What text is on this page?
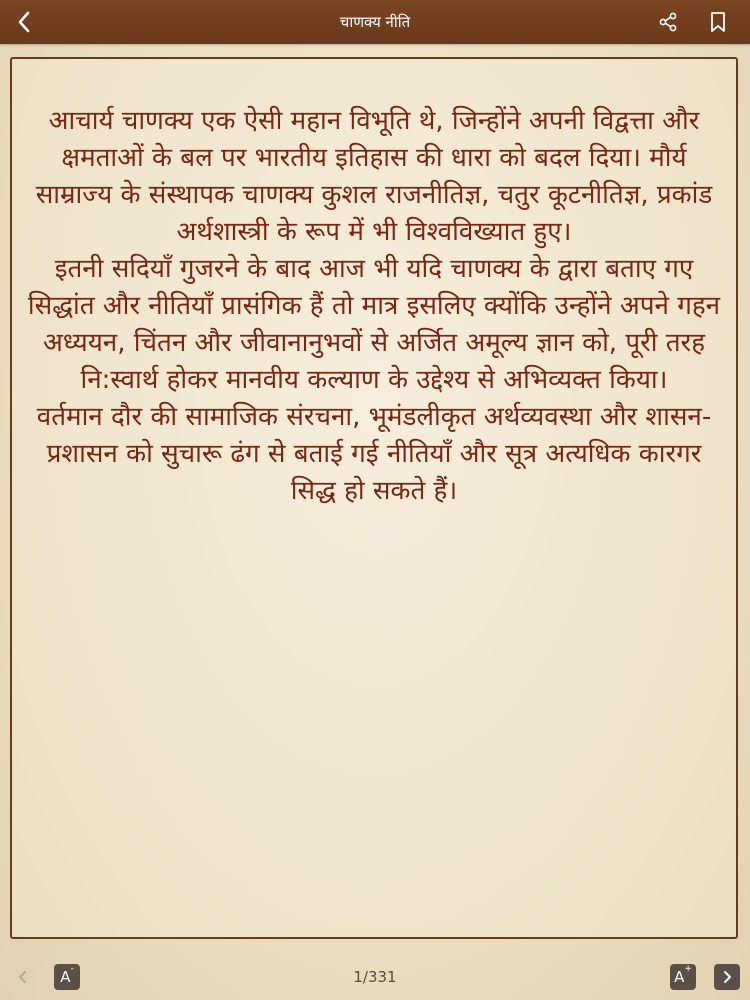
चाणक्य नीति

आचार्य चाणक्य एक ऐसी महान विभूति थे, जिन्होंने अपनी विद्वत्ता और क्षमताओं के बल पर भारतीय इतिहास की धारा को बदल दिया। मौर्य साम्राज्य के संस्थापक चाणक्य कुशल राजनीतिज्ञ, चतुर कूटनीतिज्ञ, प्रकांड अर्थशास्त्री के रूप में भी विश्वविख्यात हुए।

इतनी सदियाँ गुजरने के बाद आज भी यदि चाणक्य के द्वारा बताए गए सिद्धांत और नीतियाँ प्रासंगिक हैं तो मात्र इसलिए क्योंकि उन्होंने अपने गहन अध्ययन, चिंतन और जीवानानुभवों से अर्जित अमूल्य ज्ञान को, पूरी तरह नि:स्वार्थ होकर मानवीय कल्याण के उद्देश्य से अभिव्यक्त किया।

वर्तमान दौर की सामाजिक संरचना, भूमंडलीकृत अर्थव्यवस्था और शासन-प्रशासन को सुचारू ढंग से बताई गई नीतियाँ और सूत्र अत्यधिक कारगर सिद्ध हो सकते हैं।

A-	1/331	A+
